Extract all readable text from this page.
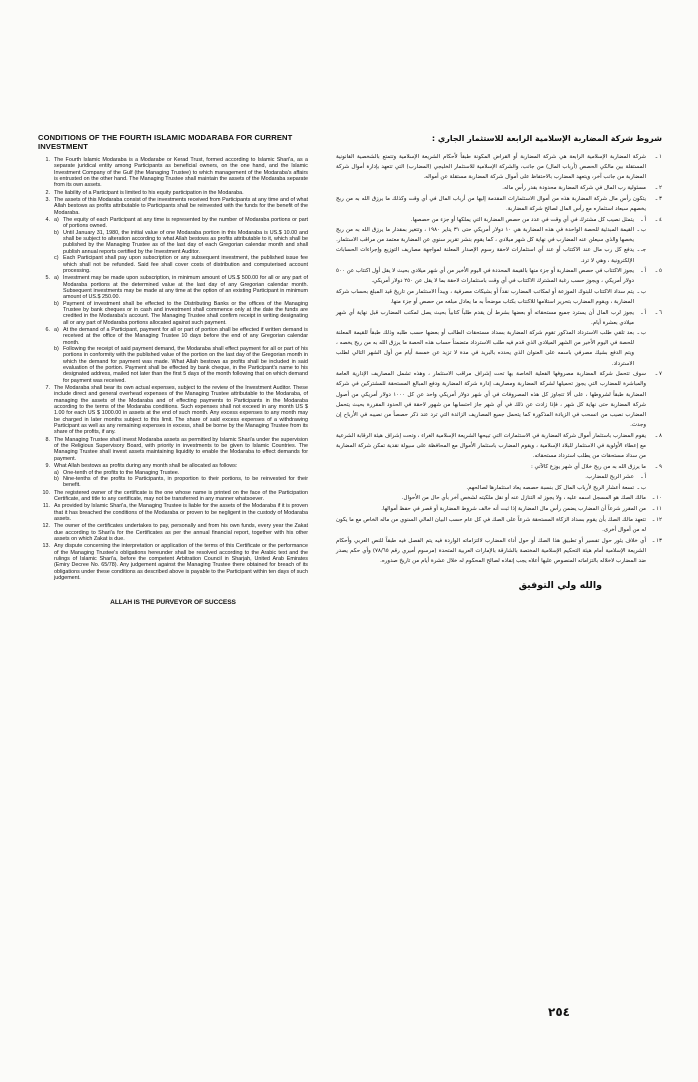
CONDITIONS OF THE FOURTH ISLAMIC MODARABA FOR CURRENT INVESTMENT
1. The Fourth Islamic Modaraba is a Modarabe or Kerad Trust, formed according to Islamic Shari'a, as a separate juridical entity among Participants as beneficial owners, on the one hand, and the Islamic Investment Company of the Gulf (the Managing Trustee) to which management of the Modaraba's affairs is entrusted on the other hand. The Managing Trustee shall maintain the assets of the Modaraba separate from its own assets.
2. The liability of a Participant is limited to his equity participation in the Modaraba.
3. The assets of this Modaraba consist of the investments received from Participants at any time and of what Allah bestows as profits attributable to Participants shall be reinvested with the funds for the benefit of the Modaraba.
4. a) The equity of each Participant at any time is represented by the number of Modaraba portions or part of portions owned.
b) Until January 31, 1980, the initial value of one Modaraba portion in this Modaraba is US.$ 10.00 and shall be subject to alteration according to what Allah bestows as profits attributable to it, which shall be published by the Managing Trustee as of the last day of each Gregorian calendar month and shall publish annual reports certified by the Investment Auditor.
c) Each Participant shall pay upon subscription or any subsequent investment, the published issue fee which shall not be refunded. Said fee shall cover costs of distribution and computerised account processing.
5. a) Investment may be made upon subscription, in minimum amount of US.$ 500.00 for all or any part of Modaraba portions at the determined value at the last day of any Gregorian calendar month. Subsequent investments may be made at any time at the option of an existing Participant in minimum amount of US.$ 250.00.
b) Payment of investment shall be effected to the Distributing Banks or the offices of the Managing Trustee by bank cheques or in cash and investment shall commence only at the date the funds are credited in the Modaraba's account. The Managing Trustee shall confirm receipt in writing designating all or any part of Modaraba portions allocated against such payment.
6. a) At the demand of a Participant, payment for all or part of portion shall be effected if written demand is received at the office of the Managing Trustee 10 days before the end of any Gregorian calendar month.
b) Following the receipt of said payment demand, the Modaraba shall effect payment for all or part of his portions in conformity with the published value of the portion on the last day of the Gregorian month in which the demand for payment was made. What Allah bestows as profits shall be included in said evaluation of the portion. Payment shall be effected by bank cheque, in the Participant's name to his designated address, mailed not later than the first 5 days of the month following that on which demand for payment was received.
7. The Modaraba shall bear its own actual expenses, subject to the review of the Investment Auditor. These include direct and general overhead expenses of the Managing Trustee attributable to the Modaraba, of managing the assets of the Modaraba and of effecting payments to Participants in the Modaraba according to the terms of the Modaraba conditions. Such expenses shall not exceed in any month US $ 1.00 for each US $ 1000.00 in assets at the end of such month. Any excess expenses to any month may be charged in later months subject to this limit. The share of said excess expenses of a withdrawing Participant as well as any remaining expenses in excess, shall be borne by the Managing Trustee from its share of the profits, if any.
8. The Managing Trustee shall invest Modaraba assets as permitted by Islamic Shari'a under the supervision of the Religious Supervisory Board, with priority in investments to be given to Islamic Countries. The Managing Trustee shall invest assets maintaining liquidity to enable the Modaraba to effect demands for payment.
9. What Allah bestows as profits during any month shall be allocated as follows:
a) One-tenth of the profits to the Managing Trustee.
b) Nine-tenths of the profits to Participants, in proportion to their portions, to be reinvested for their benefit.
10. The registered owner of the certificate is the one whose name is printed on the face of the Participation Certificate, and title to any certificate, may not be transferred in any manner whatsoever.
11. As provided by Islamic Shari'a, the Managing Trustee is liable for the assets of the Modaraba if it is proven that it has breached the conditions of the Modaraba or proven to be negligent in the custody of Modaraba assets.
12. The owner of the certificates undertakes to pay, personally and from his own funds, every year the Zakat due according to Shari'a for the Certificates as per the annual financial report, together with his other assets on which Zakat is due.
13. Any dispute concerning the interpretation or application of the terms of this Certificate or the performance of the Managing Trustee's obligations hereunder shall be resolved according to the Arabic text and the rulings of Islamic Shari'a, before the competent Arbitration Council in Sharjah, United Arab Emirates (Emiry Decree No. 65/78). Any judgement against the Managing Trustee there obtained for breach of its obligations under these conditions as described above is payable to the Participant within ten days of such judgement.
ALLAH IS THE PURVEYOR OF SUCCESS
شروط شركة المضاربة الإسلامية الرابعة للاستثمار الجاري :
١ ـ
شركة المضاربة الإسلامية الرابعة هي شركة المضاربة أو القراض المكونة طبقاً لأحكام الشريعة الإسلامية وتتمتع بالشخصية القانونية المستقلة بين مالكي الحصص (أرباب المال) من جانب، والشركة الإسلامية للاستثمار الخليجي (المضارب) التي تتعهد بإدارة أموال شركة المضاربة من جانب آخر، ويتعهد المضارب بالاحتفاظ على أموال شركة المضاربة مستقلة عن أمواله.
٢ ـ
مسئولية رب المال في شركة المضاربة محدودة بقدر رأس ماله.
٣ ـ
يتكون رأس مال شركة المضاربة هذه من أموال الاستثمارات المقدمة إليها من أرباب المال في أي وقت وكذلك ما يرزق الله به من ربح يخصهم سيعاد استثماره مع رأس المال لصالح شركة المضاربة.
٤ ـ
أ ـ
يتمثل نصيب كل مشترك في أي وقت في عدد من حصص المضاربة التي يملكها أو جزء من حصصها.
ب ـ
القيمة المبدئية للحصة الواحدة في هذه المضاربة هي ١٠ دولار أمريكي حتى ٣١ يناير ١٩٨٠ ، وتتغير بمقدار ما يرزق الله به من ربح يخصها والذي سيعلن عنه المضارب في نهاية كل شهر ميلادي ، كما يقوم بنشر تقرير سنوي عن المضاربة معتمد من مراقب الاستثمار.
جـ ـ
يدفع كل رب مال عند الاكتتاب أو عند أي استثمارات لاحقة رسوم الإصدار المعلنة لمواجهة مصاريف التوزيع وإجراءات الحسابات الإلكترونية ، وهي لا ترد.
٥ ـ
أ ـ
يجوز الاكتتاب في حصص المضاربة أو جزء منها بالقيمة المحددة في اليوم الأخير من أي شهر ميلادي بحيث لا يقل أول اكتتاب عن ٥٠٠ دولار أمريكي ، ويجوز حسب رغبة المشترك الاكتتاب في أي وقت باستثمارات لاحقة بما لا يقل عن ٢٥٠ دولار أمريكي.
ب ـ
يتم سداد الاكتتاب للبنوك الموزعة أو لمكاتب المضارب نقداً أو بشيكات مصرفية ، ويبدأ الاستثمار من تاريخ قيد المبلغ بحساب شركة المضاربة ، ويقوم المضارب بتحرير استلامها للاكتتاب بكتاب موضحاً به ما يعادل مبلغه من حصص أو جزء منها.
٦ ـ
أ ـ
يجوز لرب المال أن يسترد جميع مستحقاته أو بعضها بشرط أن يقدم طلباً كتابياً بحيث يصل لمكتب المضارب قبل نهاية أي شهر ميلادي بعشرة أيام.
ب ـ
بعد تلقي طلب الاسترداد المذكور تقوم شركة المضاربة بسداد مستحقات الطالب أو بعضها حسب طلبه وذلك طبقاً للقيمة المعلنة للحصة في اليوم الأخير من الشهر الميلادي الذي قدم فيه طلب الاسترداد متضمناً حساب هذه الحصة ما يرزق الله به من ربح يخصه ، ويتم الدفع بشيك مصرفي باسمه على العنوان الذي يحدده بالبريد في مدة لا تزيد عن خمسة أيام من أول الشهر التالي لطلب الاسترداد.
٧ ـ
سوف تتحمل شركة المضاربة مصروفها الفعلية الخاصة بها تحت إشراف مراقب الاستثمار ، وهذه تشمل المصاريف الإدارية العامة والمباشرة للمضارب التي يجوز تحميلها لشركة المضاربة ومصاريف إدارة شركة المضاربة ودفع المبالغ المستحقة للمشتركين في شركة المضاربة طبقاً لشروطها ، على ألا تتجاوز كل هذه المصروفات في أي شهر دولار أمريكي واحد عن كل ١٠٠٠ دولار أمريكي من أصول شركة المضاربة حتى نهاية كل شهر ، فإذا زادت عن ذلك في أي شهر جاز احتسابها من شهور لاحقة في الحدود المقررة بحيث يتحمل المضارب نصيب من انسحب في الزيادة المذكورة كما يتحمل جميع المصاريف الزائدة التي ترد عند ذكر حصصاً من نصيبه في الأرباح إن وجدت.
٨ ـ
يقوم المضارب باستثمار أموال شركة المضاربة في الاستثمارات التي تبيحها الشريعة الإسلامية الغراء ، وتحت إشراف هيئة الرقابة الشرعية مع إعطاء الأولوية في الاستثمار للبلاد الإسلامية ، ويقوم المضارب باستثمار الأموال مع المحافظة على سيولة نقدية تمكن شركة المضاربة من سداد مستحقات من يطلب استرداد مستحقاته.
٩ ـ
ما يرزق الله به من ربح خلال أي شهر يوزع كالآتي :
أ ـ
عشر الربح للمضارب.
ب ـ
تسعة أعشار الربح لأرباب المال كل بنسبة حصصه يعاد استثمارها لصالحهم.
١٠ ـ
مالك الصك هو المسجل اسمه عليه ، ولا يجوز له التنازل عنه أو نقل ملكيته لشخص آخر بأي حال من الأحوال.
١١ ـ
من المقرر شرعاً أن المضارب يضمن رأس مال المضاربة إذا ثبت أنه خالف شروط المضاربة أو قصر في حفظ أموالها.
١٢ ـ
تتعهد مالك الصك بأن يقوم بسداد الزكاة المستحقة شرعاً على الصك في كل عام حسب البيان المالي السنوي من ماله الخاص مع ما يكون له من أموال أخرى.
١٣ ـ
أي خلاف يثور حول تفسير أو تطبيق هذا الصك أو حول أداء المضارب لالتزاماته الواردة فيه يتم الفصل فيه طبقاً للنص العربي وأحكام الشريعة الإسلامية أمام هيئة التحكيم الإسلامية المختصة بالشارقة بالإمارات العربية المتحدة (مرسوم أميري رقم ٧٨/٦٥) وأي حكم يصدر ضد المضارب لاخلاله بالتزاماته المنصوص عليها أعلاه يجب إنفاذه لصالح المحكوم له خلال عشرة أيام من تاريخ صدوره.
والله ولي التوفيق
٢٥٤
